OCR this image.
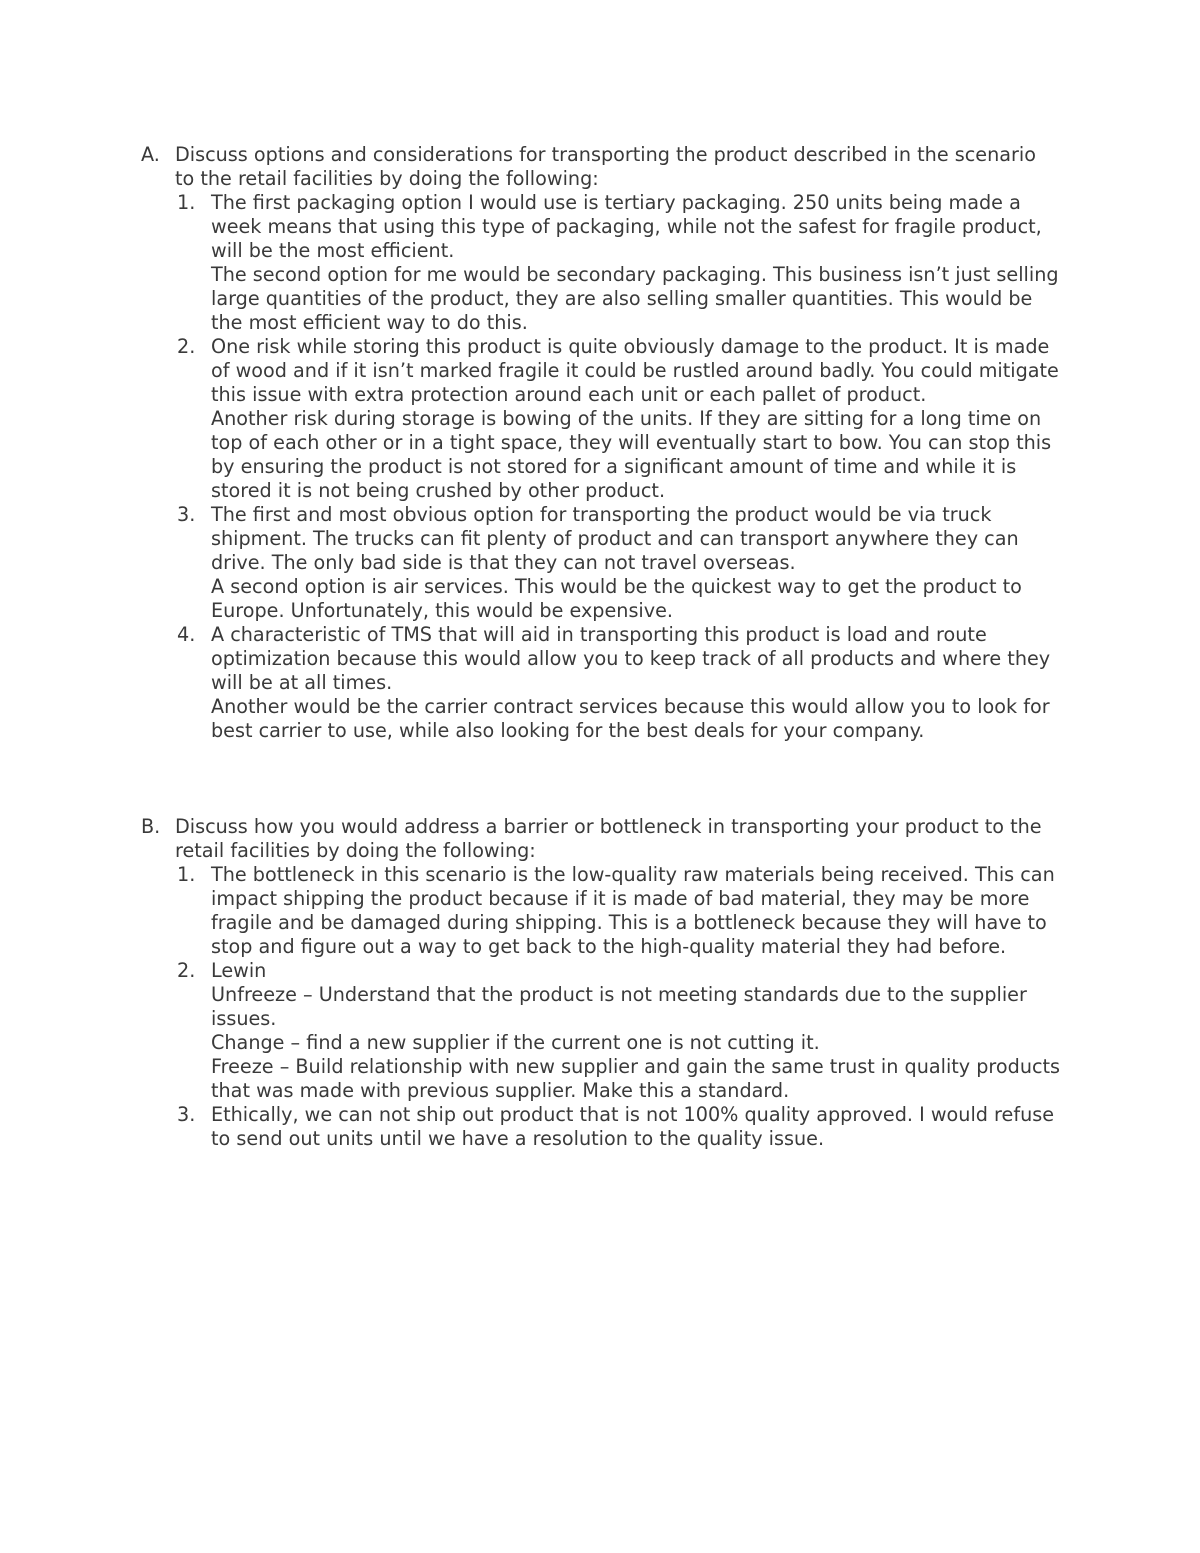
A. Discuss options and considerations for transporting the product described in the scenario to the retail facilities by doing the following:
1. The first packaging option I would use is tertiary packaging. 250 units being made a week means that using this type of packaging, while not the safest for fragile product, will be the most efficient.
The second option for me would be secondary packaging. This business isn’t just selling large quantities of the product, they are also selling smaller quantities. This would be the most efficient way to do this.
2. One risk while storing this product is quite obviously damage to the product. It is made of wood and if it isn’t marked fragile it could be rustled around badly. You could mitigate this issue with extra protection around each unit or each pallet of product.
Another risk during storage is bowing of the units. If they are sitting for a long time on top of each other or in a tight space, they will eventually start to bow. You can stop this by ensuring the product is not stored for a significant amount of time and while it is stored it is not being crushed by other product.
3. The first and most obvious option for transporting the product would be via truck shipment. The trucks can fit plenty of product and can transport anywhere they can drive. The only bad side is that they can not travel overseas.
A second option is air services. This would be the quickest way to get the product to Europe. Unfortunately, this would be expensive.
4. A characteristic of TMS that will aid in transporting this product is load and route optimization because this would allow you to keep track of all products and where they will be at all times.
Another would be the carrier contract services because this would allow you to look for best carrier to use, while also looking for the best deals for your company.
B. Discuss how you would address a barrier or bottleneck in transporting your product to the retail facilities by doing the following:
1. The bottleneck in this scenario is the low-quality raw materials being received. This can impact shipping the product because if it is made of bad material, they may be more fragile and be damaged during shipping. This is a bottleneck because they will have to stop and figure out a way to get back to the high-quality material they had before.
2. Lewin
Unfreeze – Understand that the product is not meeting standards due to the supplier issues.
Change – find a new supplier if the current one is not cutting it.
Freeze – Build relationship with new supplier and gain the same trust in quality products that was made with previous supplier. Make this a standard.
3. Ethically, we can not ship out product that is not 100% quality approved. I would refuse to send out units until we have a resolution to the quality issue.
